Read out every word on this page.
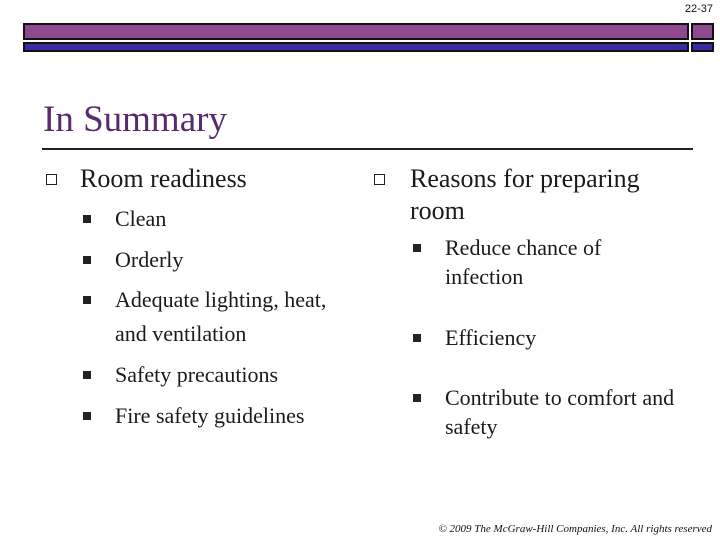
22-37
In Summary
Room readiness
Clean
Orderly
Adequate lighting, heat, and ventilation
Safety precautions
Fire safety guidelines
Reasons for preparing room
Reduce chance of infection
Efficiency
Contribute to comfort and safety
© 2009 The McGraw-Hill Companies, Inc. All rights reserved
